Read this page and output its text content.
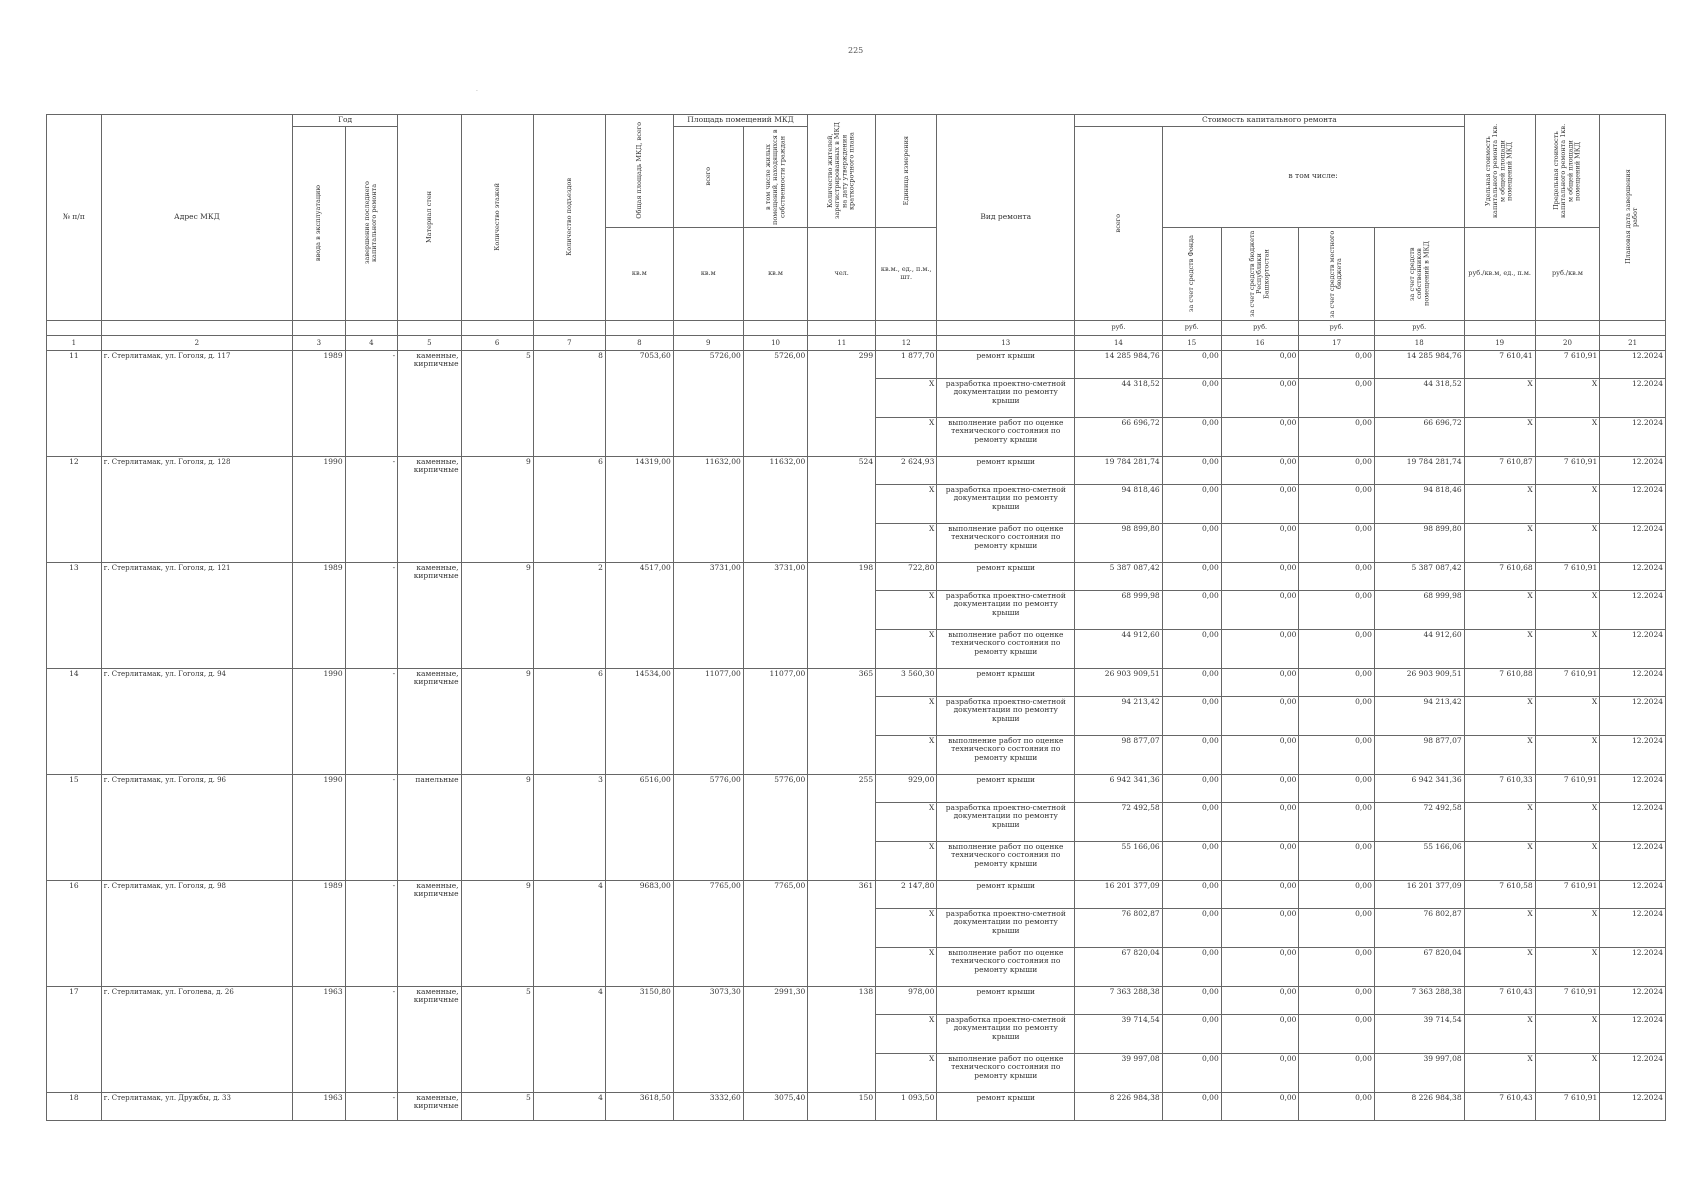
225
·
№ п/п	Адрес МКД	Год		Материал стен	Количество этажей	Количество подъездов	Общая площадь МКД, всего	Площадь помещений МКД		Количество жителей, зарегистрированных в МКД на дату утверждения краткосрочного плана	Единица измерения	Вид ремонта	Стоимость капитального ремонта					Удельная стоимость капитального ремонта 1кв. м общей площади помещений МКД	Предельная стоимость капитального ремонта 1кв. м общей площади помещений МКД	Плановая дата завершения работ

		ввода в эксплуатацию	завершение последнего капитального ремонта					всего	в том числе жилых помещений, находящихся в собственности граждан				всего	в том числе:						
							кв.м	кв.м	кв.м	чел.	кв.м., ед., п.м., шт.			за счет средств Фонда	за счет средств бюджета Республики Башкортостан	за счет средств местного бюджета	за счет средств собственников помещений в МКД	руб./кв.м, ед., п.м.	руб./кв.м	
													руб.	руб.	руб.	руб.	руб.			
1	2	3	4	5	6	7	8	9	10	11	12	13	14	15	16	17	18	19	20	21
11	г. Стерлитамак, ул. Гоголя, д. 117	1989	-	каменные, кирпичные	5	8	7053,60	5726,00	5726,00	299	1 877,70	ремонт крыши	14 285 984,76	0,00	0,00	0,00	14 285 984,76	7 610,41	7 610,91	12.2024
											X	разработка проектно-сметной документации по ремонту крыши	44 318,52	0,00	0,00	0,00	44 318,52	X	X	12.2024
											X	выполнение работ по оценке технического состояния по ремонту крыши	66 696,72	0,00	0,00	0,00	66 696,72	X	X	12.2024
12	г. Стерлитамак, ул. Гоголя, д. 128	1990	-	каменные, кирпичные	9	6	14319,00	11632,00	11632,00	524	2 624,93	ремонт крыши	19 784 281,74	0,00	0,00	0,00	19 784 281,74	7 610,87	7 610,91	12.2024
											X	разработка проектно-сметной документации по ремонту крыши	94 818,46	0,00	0,00	0,00	94 818,46	X	X	12.2024
											X	выполнение работ по оценке технического состояния по ремонту крыши	98 899,80	0,00	0,00	0,00	98 899,80	X	X	12.2024
13	г. Стерлитамак, ул. Гоголя, д. 121	1989	-	каменные, кирпичные	9	2	4517,00	3731,00	3731,00	198	722,80	ремонт крыши	5 387 087,42	0,00	0,00	0,00	5 387 087,42	7 610,68	7 610,91	12.2024
											X	разработка проектно-сметной документации по ремонту крыши	68 999,98	0,00	0,00	0,00	68 999,98	X	X	12.2024
											X	выполнение работ по оценке технического состояния по ремонту крыши	44 912,60	0,00	0,00	0,00	44 912,60	X	X	12.2024
14	г. Стерлитамак, ул. Гоголя, д. 94	1990	-	каменные, кирпичные	9	6	14534,00	11077,00	11077,00	365	3 560,30	ремонт крыши	26 903 909,51	0,00	0,00	0,00	26 903 909,51	7 610,88	7 610,91	12.2024
											X	разработка проектно-сметной документации по ремонту крыши	94 213,42	0,00	0,00	0,00	94 213,42	X	X	12.2024
											X	выполнение работ по оценке технического состояния по ремонту крыши	98 877,07	0,00	0,00	0,00	98 877,07	X	X	12.2024
15	г. Стерлитамак, ул. Гоголя, д. 96	1990	-	панельные	9	3	6516,00	5776,00	5776,00	255	929,00	ремонт крыши	6 942 341,36	0,00	0,00	0,00	6 942 341,36	7 610,33	7 610,91	12.2024
											X	разработка проектно-сметной документации по ремонту крыши	72 492,58	0,00	0,00	0,00	72 492,58	X	X	12.2024
											X	выполнение работ по оценке технического состояния по ремонту крыши	55 166,06	0,00	0,00	0,00	55 166,06	X	X	12.2024
16	г. Стерлитамак, ул. Гоголя, д. 98	1989	-	каменные, кирпичные	9	4	9683,00	7765,00	7765,00	361	2 147,80	ремонт крыши	16 201 377,09	0,00	0,00	0,00	16 201 377,09	7 610,58	7 610,91	12.2024
											X	разработка проектно-сметной документации по ремонту крыши	76 802,87	0,00	0,00	0,00	76 802,87	X	X	12.2024
											X	выполнение работ по оценке технического состояния по ремонту крыши	67 820,04	0,00	0,00	0,00	67 820,04	X	X	12.2024
17	г. Стерлитамак, ул. Гоголева, д. 26	1963	-	каменные, кирпичные	5	4	3150,80	3073,30	2991,30	138	978,00	ремонт крыши	7 363 288,38	0,00	0,00	0,00	7 363 288,38	7 610,43	7 610,91	12.2024
											X	разработка проектно-сметной документации по ремонту крыши	39 714,54	0,00	0,00	0,00	39 714,54	X	X	12.2024
											X	выполнение работ по оценке технического состояния по ремонту крыши	39 997,08	0,00	0,00	0,00	39 997,08	X	X	12.2024
18	г. Стерлитамак, ул. Дружбы, д. 33	1963	-	каменные, кирпичные	5	4	3618,50	3332,60	3075,40	150	1 093,50	ремонт крыши	8 226 984,38	0,00	0,00	0,00	8 226 984,38	7 610,43	7 610,91	12.2024
